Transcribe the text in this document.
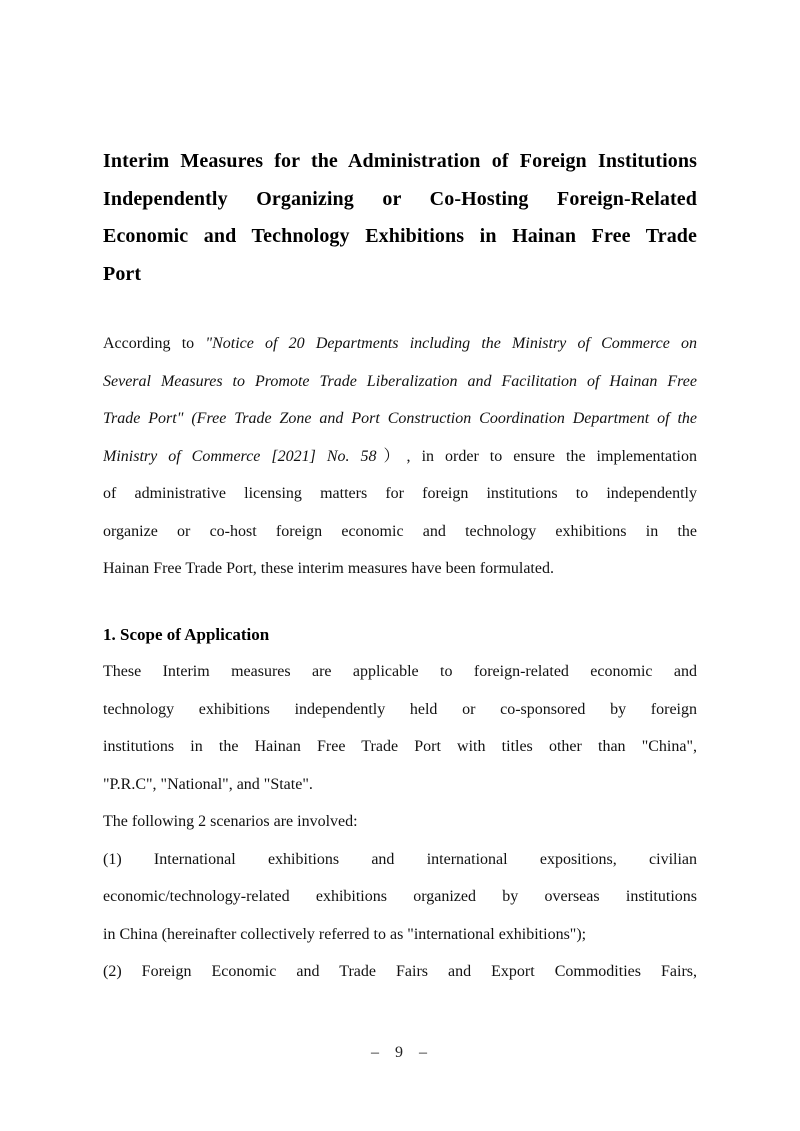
Interim Measures for the Administration of Foreign Institutions
Independently Organizing or Co-Hosting Foreign-Related
Economic and Technology Exhibitions in Hainan Free Trade
Port
According to "Notice of 20 Departments including the Ministry of Commerce on
Several Measures to Promote Trade Liberalization and Facilitation of Hainan Free
Trade Port" (Free Trade Zone and Port Construction Coordination Department of the
Ministry of Commerce [2021] No. 58）, in order to ensure the implementation
of administrative licensing matters for foreign institutions to independently
organize or co-host foreign economic and technology exhibitions in the
Hainan Free Trade Port, these interim measures have been formulated.
1. Scope of Application
These Interim measures are applicable to foreign-related economic and
technology exhibitions independently held or co-sponsored by foreign
institutions in the Hainan Free Trade Port with titles other than "China",
"P.R.C", "National", and "State".
The following 2 scenarios are involved:
(1) International exhibitions and international expositions, civilian
economic/technology-related exhibitions organized by overseas institutions
in China (hereinafter collectively referred to as "international exhibitions");
(2) Foreign Economic and Trade Fairs and Export Commodities Fairs,
– 9 –
